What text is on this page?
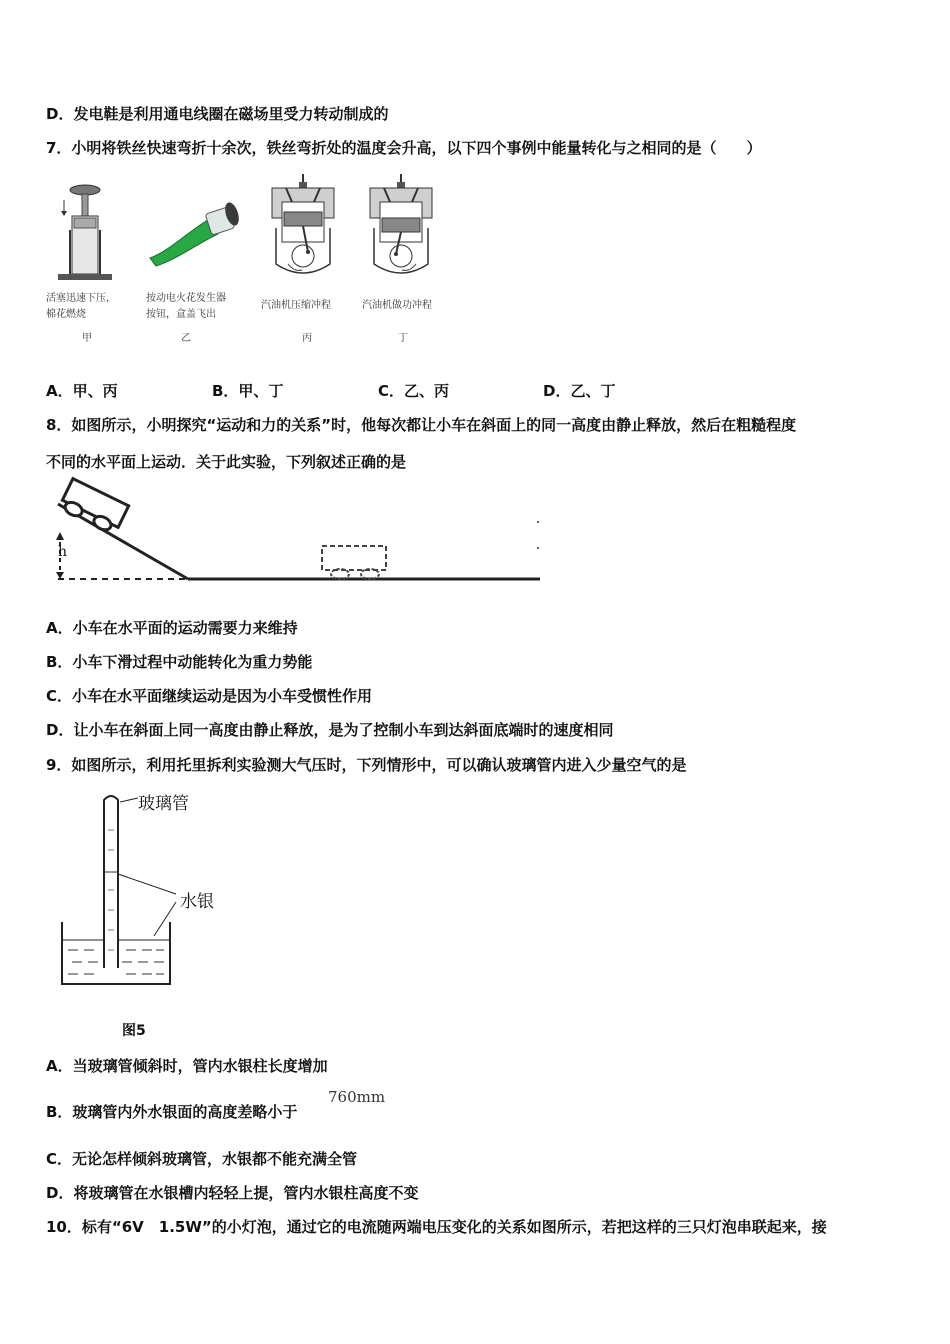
D．发电鞋是利用通电线圈在磁场里受力转动制成的
7．小明将铁丝快速弯折十余次，铁丝弯折处的温度会升高，以下四个事例中能量转化与之相同的是（　　）
活塞迅速下压，
棉花燃烧
甲
按动电火花发生器
按钮，盒盖飞出
乙
汽油机压缩冲程
丙
汽油机做功冲程
丁
A．甲、丙	B．甲、丁	C．乙、丙	D．乙、丁
8．如图所示，小明探究“运动和力的关系”时，他每次都让小车在斜面上的同一高度由静止释放，然后在粗糙程度
不同的水平面上运动．关于此实验，下列叙述正确的是
h
A．小车在水平面的运动需要力来维持
B．小车下滑过程中动能转化为重力势能
C．小车在水平面继续运动是因为小车受惯性作用
D．让小车在斜面上同一高度由静止释放，是为了控制小车到达斜面底端时的速度相同
9．如图所示，利用托里拆利实验测大气压时，下列情形中，可以确认玻璃管内进入少量空气的是
玻璃管
水银
图5
A．当玻璃管倾斜时，管内水银柱长度增加
B．玻璃管内外水银面的高度差略小于
760mm
C．无论怎样倾斜玻璃管，水银都不能充满全管
D．将玻璃管在水银槽内轻轻上提，管内水银柱高度不变
10．标有“6V　1.5W”的小灯泡，通过它的电流随两端电压变化的关系如图所示，若把这样的三只灯泡串联起来，接
